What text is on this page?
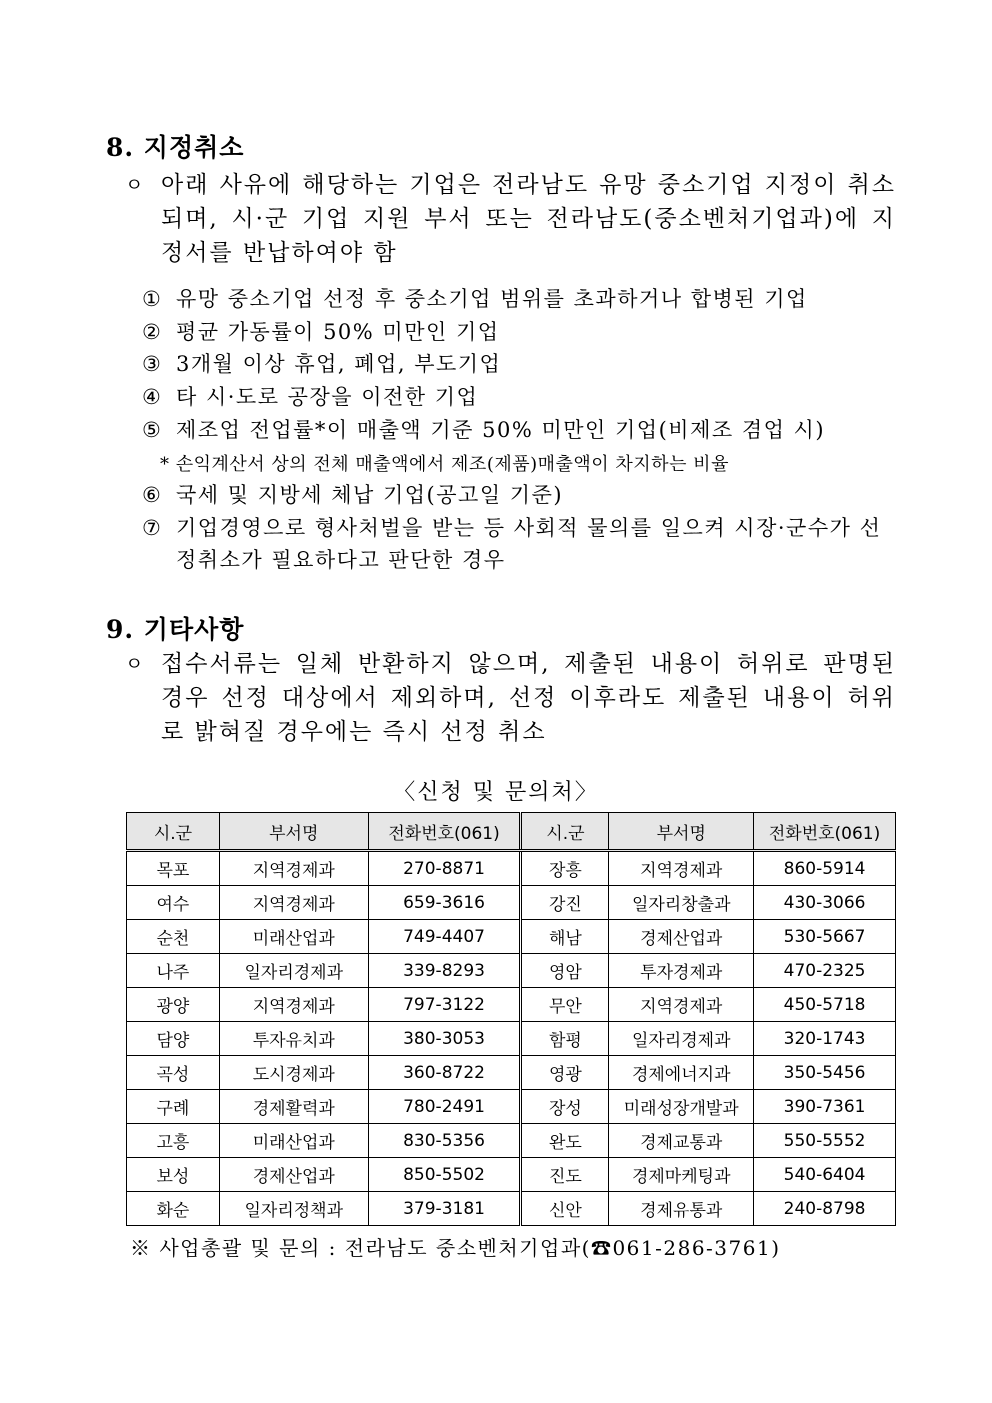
8. 지정취소
ㅇ 아래 사유에 해당하는 기업은 전라남도 유망 중소기업 지정이 취소되며, 시·군 기업 지원 부서 또는 전라남도(중소벤처기업과)에 지정서를 반납하여야 함
① 유망 중소기업 선정 후 중소기업 범위를 초과하거나 합병된 기업
② 평균 가동률이 50% 미만인 기업
③ 3개월 이상 휴업, 폐업, 부도기업
④ 타 시·도로 공장을 이전한 기업
⑤ 제조업 전업률*이 매출액 기준 50% 미만인 기업(비제조 겸업 시)
* 손익계산서 상의 전체 매출액에서 제조(제품)매출액이 차지하는 비율
⑥ 국세 및 지방세 체납 기업(공고일 기준)
⑦ 기업경영으로 형사처벌을 받는 등 사회적 물의를 일으켜 시장·군수가 선정취소가 필요하다고 판단한 경우
9. 기타사항
ㅇ 접수서류는 일체 반환하지 않으며, 제출된 내용이 허위로 판명된 경우 선정 대상에서 제외하며, 선정 이후라도 제출된 내용이 허위로 밝혀질 경우에는 즉시 선정 취소
〈신청 및 문의처〉
시.군	부서명	전화번호(061)	시.군	부서명	전화번호(061)
목포	지역경제과	270-8871	장흥	지역경제과	860-5914
여수	지역경제과	659-3616	강진	일자리창출과	430-3066
순천	미래산업과	749-4407	해남	경제산업과	530-5667
나주	일자리경제과	339-8293	영암	투자경제과	470-2325
광양	지역경제과	797-3122	무안	지역경제과	450-5718
담양	투자유치과	380-3053	함평	일자리경제과	320-1743
곡성	도시경제과	360-8722	영광	경제에너지과	350-5456
구례	경제활력과	780-2491	장성	미래성장개발과	390-7361
고흥	미래산업과	830-5356	완도	경제교통과	550-5552
보성	경제산업과	850-5502	진도	경제마케팅과	540-6404
화순	일자리정책과	379-3181	신안	경제유통과	240-8798
※ 사업총괄 및 문의 : 전라남도 중소벤처기업과(☎061-286-3761)
